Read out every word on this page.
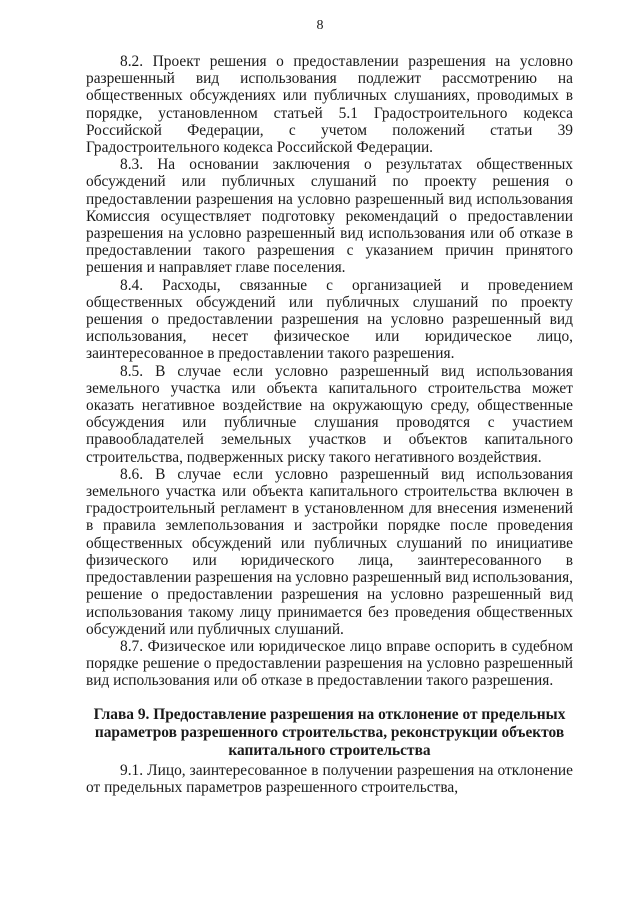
8

8.2. Проект решения о предоставлении разрешения на условно разрешенный вид использования подлежит рассмотрению на общественных обсуждениях или публичных слушаниях, проводимых в порядке, установленном статьей 5.1 Градостроительного кодекса Российской Федерации, с учетом положений статьи 39 Градостроительного кодекса Российской Федерации.

8.3. На основании заключения о результатах общественных обсуждений или публичных слушаний по проекту решения о предоставлении разрешения на условно разрешенный вид использования Комиссия осуществляет подготовку рекомендаций о предоставлении разрешения на условно разрешенный вид использования или об отказе в предоставлении такого разрешения с указанием причин принятого решения и направляет главе поселения.

8.4. Расходы, связанные с организацией и проведением общественных обсуждений или публичных слушаний по проекту решения о предоставлении разрешения на условно разрешенный вид использования, несет физическое или юридическое лицо, заинтересованное в предоставлении такого разрешения.

8.5. В случае если условно разрешенный вид использования земельного участка или объекта капитального строительства может оказать негативное воздействие на окружающую среду, общественные обсуждения или публичные слушания проводятся с участием правообладателей земельных участков и объектов капитального строительства, подверженных риску такого негативного воздействия.

8.6. В случае если условно разрешенный вид использования земельного участка или объекта капитального строительства включен в градостроительный регламент в установленном для внесения изменений в правила землепользования и застройки порядке после проведения общественных обсуждений или публичных слушаний по инициативе физического или юридического лица, заинтересованного в предоставлении разрешения на условно разрешенный вид использования, решение о предоставлении разрешения на условно разрешенный вид использования такому лицу принимается без проведения общественных обсуждений или публичных слушаний.

8.7. Физическое или юридическое лицо вправе оспорить в судебном порядке решение о предоставлении разрешения на условно разрешенный вид использования или об отказе в предоставлении такого разрешения.

Глава 9. Предоставление разрешения на отклонение от предельных
параметров разрешенного строительства, реконструкции объектов
капитального строительства

9.1. Лицо, заинтересованное в получении разрешения на отклонение от предельных параметров разрешенного строительства,
